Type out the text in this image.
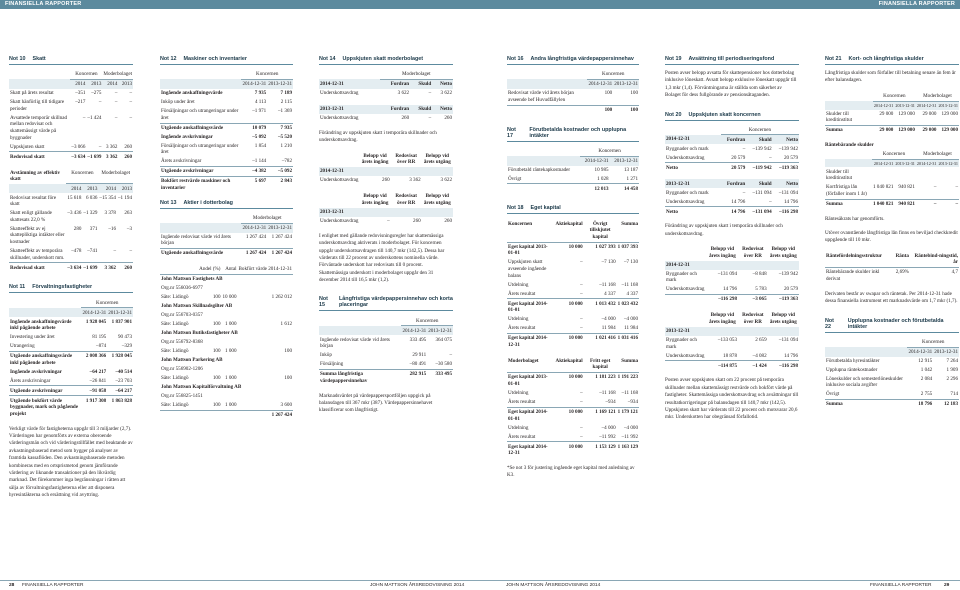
FINANSIELLA RAPPORTER	FINANSIELLA RAPPORTER
Not 10 Skatt
	Koncernen		Moderbolaget	
	2014	2013	2014	2013
Skatt på årets resultat	–351	–275	–	–
Skatt hänförlig till tidigare perioder	–217	–	–	–
Avsattede temporär skillnad mellan redovisat och skattemässigt värde på byggnader	–	–1 424	–	–
Uppskjuten skatt	–3 066	–	3 362	260
Redovisad skatt	–3 634	–1 699	3 362	260
Avstämning av effektiv skatt	Koncernen		Moderbolaget	
	2014	2013	2014	2013
Redovisat resultat före skatt	15 618	6 036	–15 354	–1 194
Skatt enligt gällande skattesats 22,0 %	–3 436	–1 329	3 378	263
Skatteeffekt av ej skattepliktiga intäkter eller kostnader	280	371	–16	–3
Skatteeffekt av temporära skillnader, underskott mm.	–478	–741	–	–
Redovisad skatt	–3 634	–1 699	3 362	260
Not 11 Förvaltningsfastigheter
	Koncernen	
	2014-12-31	2013-12-31
Ingående anskaffningsvärde inkl pågående arbete	1 928 045	1 837 901
Investering under året	81 195	90 473
Utrangering	–874	–329
Utgående anskaffningsvärde inkl pågående arbete	2 008 366	1 928 045
Ingående avskrivningar	–64 217	–40 514
Årets avskrivningar	–26 841	–23 703
Utgående avskrivningar	–91 058	–64 217
Utgående bokfört värde byggnader, mark och pågående projekt	1 917 308	1 863 828

Verkligt värde för fastigheterna uppgår till 3 miljarder (2,7). Värderingen har genomförts av externa oberoende värderingsmän och vid värderingstillfället med beaktande av avkastningsbaserad metod som bygger på analyser av framtida kassaflöden. Den avkastningsbaserade metoden kombineras med en ortsprismetod genom jämförande värdering av liknande transaktioner på den likvärdig marknad. Det förekommer inga begränsningar i rätten att sälja av förvaltningsfastigheterna eller att disponera hyresintäkterna och ersättning vid avyttring.

Not 12 Maskiner och inventarier
	Koncernen	
	2014-12-31	2013-12-31
Ingående anskaffningsvärde	7 935	7 189
Inköp under året	4 113	2 115
Försäljningar och utrangeringar under året	–1 971	–1 369
Utgående anskaffningsvärde	10 079	7 935
Ingående avskrivningar	–5 092	–5 520
Försäljningar och utrangeringar under året	1 854	1 210
Årets avskrivningar	–1 144	–782
Utgående avskrivningar	–4 382	–5 092
Bokfört restvärde maskiner och inventarier	5 697	2 843
Not 13 Aktier i dotterbolag
	Moderbolaget	
	2014-12-31	2013-12-31
Ingående redovisat värde vid årets början	1 267 424	1 267 424
Utgående anskaffningsvärde	1 267 424	1 267 424
	Andel (%)	Antal	Bokfört värde 2014-12-31
John Mattson Fastighets AB			
Org.nr 556036-6977			
Säte: Lidingö	100	10 000	1 262 012
John Mattson Skillnadsgilter AB			
Org.nr 556703-0357			
Säte: Lidingö	100	1 000	1 612
John Mattson Butiksfastigheter AB			
Org.nr 556792-8368			
Säte: Lidingö	100	1 000	100
John Mattson Parkering AB			
Org.nr 556902-1206			
Säte: Lidingö	100	1 000	100
John Mattson Kapitalförvaltning AB			
Org.nr 556825-1451			
Säte: Lidingö	100	1 000	3 600
			1 267 424
Not 14 Uppskjuten skatt moderbolaget
	Moderbolaget		
2014-12-31	Fordran	Skuld	Netto
Underskottsavdrag	3 622	–	3 622
2013-12-31	Fordran	Skuld	Netto
Underskottsavdrag	260	–	260

Förändring av uppskjuten skatt i temporära skillnader och underskottsavdrag.

	Belopp vid årets ingång	Redovisat över RR	Belopp vid årets utgång
2014-12-31			
Underskottsavdrag	260	3 362	3 622
	Belopp vid årets ingång	Redovisat över RR	Belopp vid årets utgång
2013-12-31			
Underskottsavdrag	–	260	260

I enlighet med gällande redovisningsregler har skattemässiga underskottsavdrag aktiverats i moderbolaget. För koncernen uppgår underskottsavdragen till 140,7 mkr (142,5). Dessa har värderats till 22 procent av underskottens nominella värde. Förväntade underskott har redovisats till 0 procent. Skattemässiga underskott i moderbolaget uppgår den 31 december 2014 till 16,5 mkr (1,2).

Not 15
Långfristiga värdepappersinnehav och korta placeringar
	Koncernen	
	2014-12-31	2013-12-31
Ingående redovisat värde vid årets början	333 495	364 075
Inköp	29 911	–
Försäljning	–80 491	–30 580
Summa långfristiga värdepappersinnehav	282 915	333 495

Marknadsvärdet på värdepappersportföljen uppgick på balansdagen till 367 mkr (387). Värdepappersinnehavet klassificerar som långfristigt.

Not 16 Andra långfristiga värdepappersinnehav
	Koncernen	
	2014-12-31	2013-12-31
Redovisat värde vid årets början avseende bef Huvudfällylen	100	100
	100	100
Not 17
Förutbetalda kostnader och upplupna intäkter
	Koncernen	
	2014-12-31	2013-12-31
Förutbetald räntekapkostnader	10 985	13 187
Övrigt	1 028	1 271
	12 013	14 458
Not 18 Eget kapital
Koncernen	Aktiekapital	Övrigt tillskjutet kapital	Summa
Eget kapital 2013-01-01	10 000	1 027 393	1 037 393
Uppskjuten skatt avseende ingående balans	–	–7 130	–7 130
Utdelning	–	–11 168	–11 168
Årets resultat	–	4 337	4 337
Eget kapital 2014-01-01	10 000	1 013 432	1 023 432
Utdelning	–	–4 000	–4 000
Årets resultat	–	11 984	11 984
Eget kapital 2014-12-31	10 000	1 021 416	1 031 416
Moderbolaget	Aktiekapital	Fritt eget kapital	Summa
Eget kapital 2013-01-01	10 000	1 181 223	1 191 223
Utdelning	–	–11 168	–11 168
Årets resultat	–	–934	–934
Eget kapital 2014-01-01	10 000	1 169 121	1 179 121
Utdelning	–	–4 000	–4 000
Årets resultat	–	–11 992	–11 992
Eget kapital 2014-12-31	10 000	1 153 129	1 163 129

*Se not 3 för justering ingående eget kapital med anledning av K3.

Not 19 Avsättning till periodiseringsfond

Posten avser belopp avsatta för skattepensioner hos dotterbolag inklusive löneskatt. Avsatt belopp exklusive löneskatt uppgår till 1,3 mkr (1,4). Förväntningarna är ställda som säkerhet av Bolaget för dess fullgörande av pensionsåtaganden.

Not 20 Uppskjuten skatt koncernen
	Koncernen		
2014-12-31	Fordran	Skuld	Netto
Byggnader och mark	–	–139 942	–139 942
Underskottsavdrag	20 579	–	20 579
Netto	20 579	–119 942	–119 363
2013-12-31	Fordran	Skuld	Netto
Byggnader och mark	–	–131 094	–131 094
Underskottsavdrag	14 796	–	14 796
Netto	14 796	–131 094	–116 298

Förändring av uppskjuten skatt i temporära skillnader och underskottsavdrag.

	Belopp vid årets ingång	Redovisat över RR	Belopp vid årets utgång
2014-12-31			
Byggnader och mark	–131 094	–8 848	–139 942
Underskottsavdrag	14 796	5 783	20 579
	–116 298	–3 065	–119 363
	Belopp vid årets ingång	Redovisat över RR	Belopp vid årets utgång
2013-12-31			
Byggnader och mark	–133 053	2 659	–131 094
Underskottsavdrag	18 878	–4 082	14 796
	–114 875	–1 424	–116 298

Posten avser uppskjuten skatt om 22 procent på temporära skillnader mellan skattemässigt restvärde och bokfört värde på fastigheter. Skattemässiga underskottsavdrag och avsättningar till resultatkorrigeringar på balansdagen till 140,7 mkr (142,5). Uppskjuten skatt har värderats till 22 procent och motsvarar 20,6 mkr. Underskotten har obegränsad förfallotid.

Not 21 Kort- och långfristiga skulder

Långfristiga skulder som förfaller till betalning senare än fem år efter balansdagen.

	Koncernen		Moderbolaget	
	2014-12-31	2013-12-31	2014-12-31	2013-12-31
Skulder till kreditinstitut	29 000	129 000	29 000	129 000
Summa	29 000	129 000	29 000	129 000
Räntebärande skulder
	Koncernen		Moderbolaget	
	2014-12-31	2013-12-31	2014-12-31	2013-12-31
Skulder till kreditinstitut				
Kortfristiga lån (förfaller inom 1 år)	1 040 821	940 821	–	–
Summa	1 040 821	940 821	–	–

Räntesäkrats har genomförts.

Utöver ovanstående långfristiga lån finns en beviljad checkkredit uppgående till 10 mkr.

Räntefördelningsstruktur	Ränta	Räntebind-ningstid, år
Räntebärande skulder inkl derivat	2,69%	4,7

Derivaten består av swapar och räntetak. Per 2014-12-31 hade dessa finansiella instrument ett marknadsvärde om 1,7 mkr (1,7).

Not 22
Upplupna kostnader och förutbetalda intäkter
	Koncernen	
	2014-12-31	2013-12-31
Förutbetalda hyresintäkter	12 915	7 264
Upplupna räntekostnader	1 042	1 909
Löneskulder och semesterlöneskulder inklusive sociala avgifter	2 084	2 296
Övrigt	2 755	714
Summa	18 796	12 183
28 FINANSIELLA RAPPORTER	JOHN MATTSON ÅRSREDOVISNING 2014	JOHN MATTSON ÅRSREDOVISNING 2014	FINANSIELLA RAPPORTER	29
